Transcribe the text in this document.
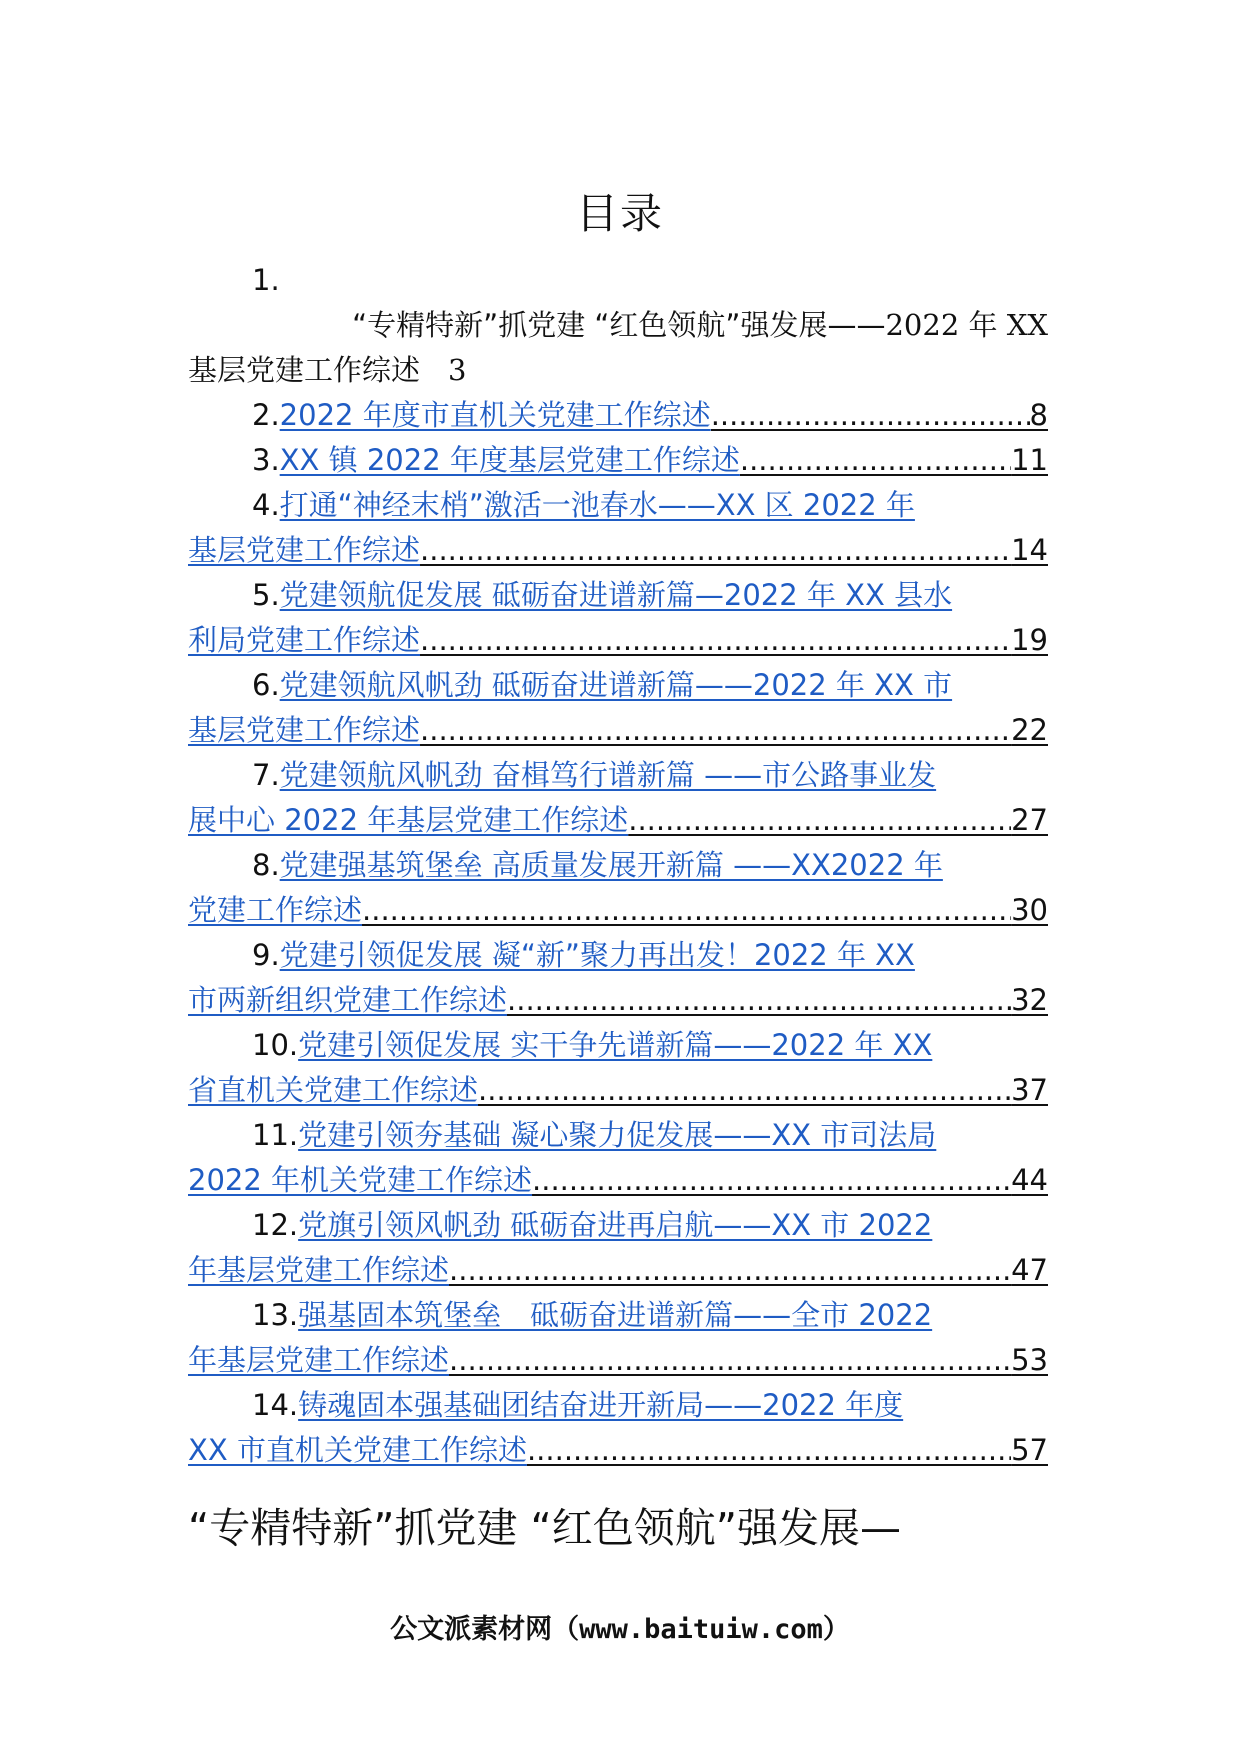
目录
1.
“专精特新”抓党建 “红色领航”强发展——2022 年 XX
基层党建工作综述 3
2. 2022 年度市直机关党建工作综述 .....	8
3. XX 镇 2022 年度基层党建工作综述 .....	11
4. 打通“神经末梢”激活一池春水——XX 区 2022 年
基层党建工作综述 .....	14
5. 党建领航促发展 砥砺奋进谱新篇—2022 年 XX 县水
利局党建工作综述 .....	19
6. 党建领航风帆劲 砥砺奋进谱新篇——2022 年 XX 市
基层党建工作综述 .....	22
7. 党建领航风帆劲 奋楫笃行谱新篇 ——市公路事业发
展中心 2022 年基层党建工作综述 .....	27
8. 党建强基筑堡垒 高质量发展开新篇 ——XX2022 年
党建工作综述 .....	30
9. 党建引领促发展 凝“新”聚力再出发！2022 年 XX
市两新组织党建工作综述 .....	32
10. 党建引领促发展 实干争先谱新篇——2022 年 XX
省直机关党建工作综述 .....	37
11. 党建引领夯基础 凝心聚力促发展——XX 市司法局
2022 年机关党建工作综述 .....	44
12. 党旗引领风帆劲 砥砺奋进再启航——XX 市 2022
年基层党建工作综述 .....	47
13. 强基固本筑堡垒　砥砺奋进谱新篇——全市 2022
年基层党建工作综述 .....	53
14. 铸魂固本强基础团结奋进开新局——2022 年度
XX 市直机关党建工作综述 .....	57
“专精特新”抓党建 “红色领航”强发展—
公文派素材网（www.baituiw.com）
